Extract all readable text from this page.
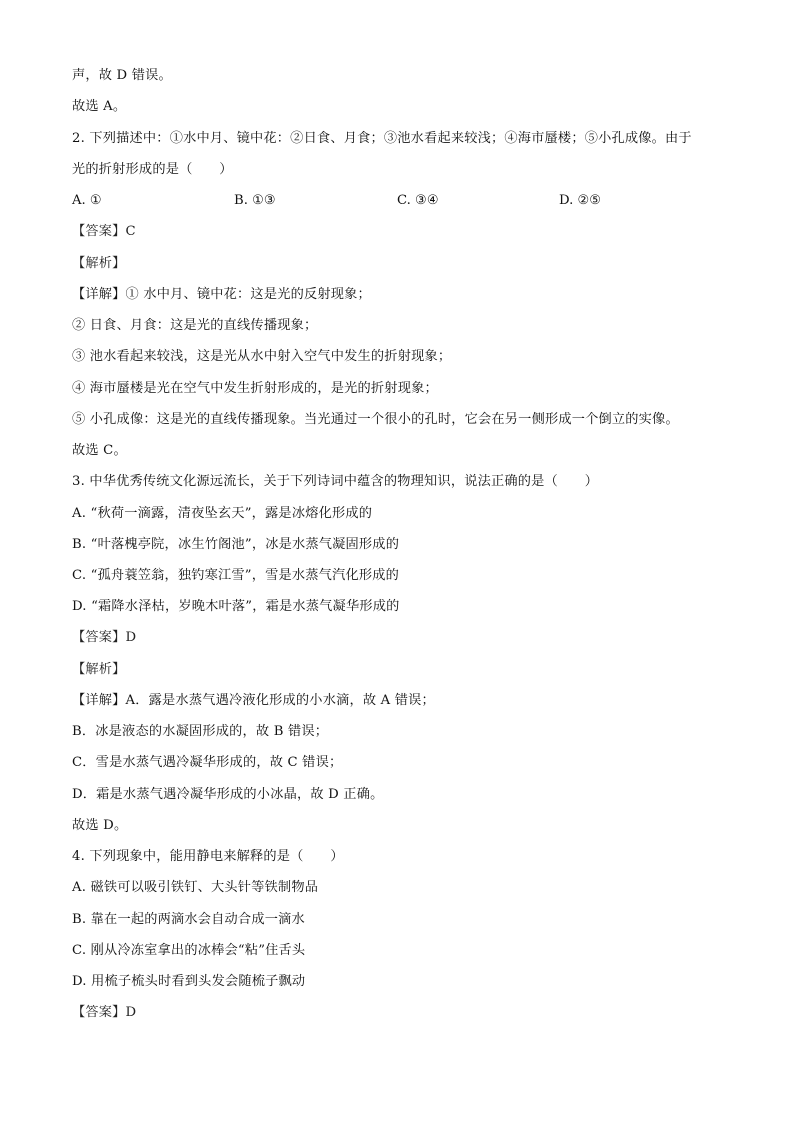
声，故 D 错误。
故选 A。
2. 下列描述中：①水中月、镜中花：②日食、月食；③池水看起来较浅；④海市蜃楼；⑤小孔成像。由于
光的折射形成的是（　　）
A. ①	B. ①③	C. ③④	D. ②⑤
【答案】C
【解析】
【详解】① 水中月、镜中花：这是光的反射现象；
② 日食、月食：这是光的直线传播现象；
③ 池水看起来较浅，这是光从水中射入空气中发生的折射现象；
④ 海市蜃楼是光在空气中发生折射形成的，是光的折射现象；
⑤ 小孔成像：这是光的直线传播现象。当光通过一个很小的孔时，它会在另一侧形成一个倒立的实像。
故选 C。
3. 中华优秀传统文化源远流长，关于下列诗词中蕴含的物理知识，说法正确的是（　　）
A. “秋荷一滴露，清夜坠玄天”，露是冰熔化形成的
B. “叶落槐亭院，冰生竹阁池”，冰是水蒸气凝固形成的
C. “孤舟蓑笠翁，独钓寒江雪”，雪是水蒸气汽化形成的
D. “霜降水泽枯，岁晚木叶落”，霜是水蒸气凝华形成的
【答案】D
【解析】
【详解】A．露是水蒸气遇冷液化形成的小水滴，故 A 错误；
B．冰是液态的水凝固形成的，故 B 错误；
C．雪是水蒸气遇冷凝华形成的，故 C 错误；
D．霜是水蒸气遇冷凝华形成的小冰晶，故 D 正确。
故选 D。
4. 下列现象中，能用静电来解释的是（　　）
A. 磁铁可以吸引铁钉、大头针等铁制物品
B. 靠在一起的两滴水会自动合成一滴水
C. 刚从冷冻室拿出的冰棒会“粘”住舌头
D. 用梳子梳头时看到头发会随梳子飘动
【答案】D
